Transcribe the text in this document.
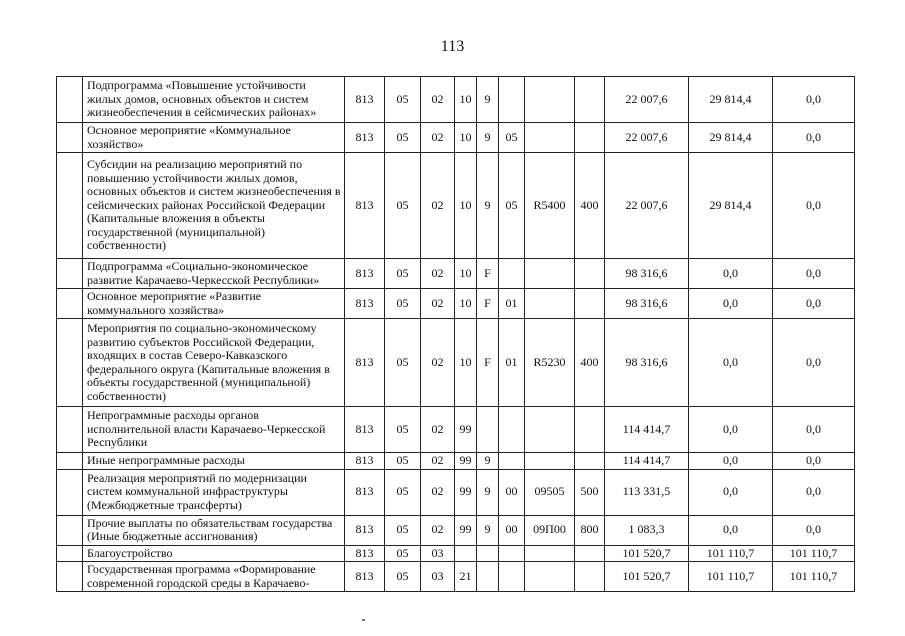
113
	Подпрограмма «Повышение устойчивости жилых домов, основных объектов и систем жизнеобеспечения в сейсмических районах»	813	05	02	10	9				22 007,6	29 814,4	0,0
	Основное мероприятие «Коммунальное хозяйство»	813	05	02	10	9	05			22 007,6	29 814,4	0,0
	Субсидии на реализацию мероприятий по повышению устойчивости жилых домов, основных объектов и систем жизнеобеспечения в сейсмических районах Российской Федерации (Капитальные вложения в объекты государственной (муниципальной) собственности)	813	05	02	10	9	05	R5400	400	22 007,6	29 814,4	0,0
	Подпрограмма «Социально-экономическое развитие Карачаево-Черкесской Республики»	813	05	02	10	F				98 316,6	0,0	0,0
	Основное мероприятие «Развитие коммунального хозяйства»	813	05	02	10	F	01			98 316,6	0,0	0,0
	Мероприятия по социально-экономическому развитию субъектов Российской Федерации, входящих в состав Северо-Кавказского федерального округа (Капитальные вложения в объекты государственной (муниципальной) собственности)	813	05	02	10	F	01	R5230	400	98 316,6	0,0	0,0
	Непрограммные расходы органов исполнительной власти Карачаево-Черкесской Республики	813	05	02	99					114 414,7	0,0	0,0
	Иные непрограммные расходы	813	05	02	99	9				114 414,7	0,0	0,0
	Реализация мероприятий по модернизации систем коммунальной инфраструктуры (Межбюджетные трансферты)	813	05	02	99	9	00	09505	500	113 331,5	0,0	0,0
	Прочие выплаты по обязательствам государства (Иные бюджетные ассигнования)	813	05	02	99	9	00	09П00	800	1 083,3	0,0	0,0
	Благоустройство	813	05	03						101 520,7	101 110,7	101 110,7
	Государственная программа «Формирование современной городской среды в Карачаево-	813	05	03	21					101 520,7	101 110,7	101 110,7
